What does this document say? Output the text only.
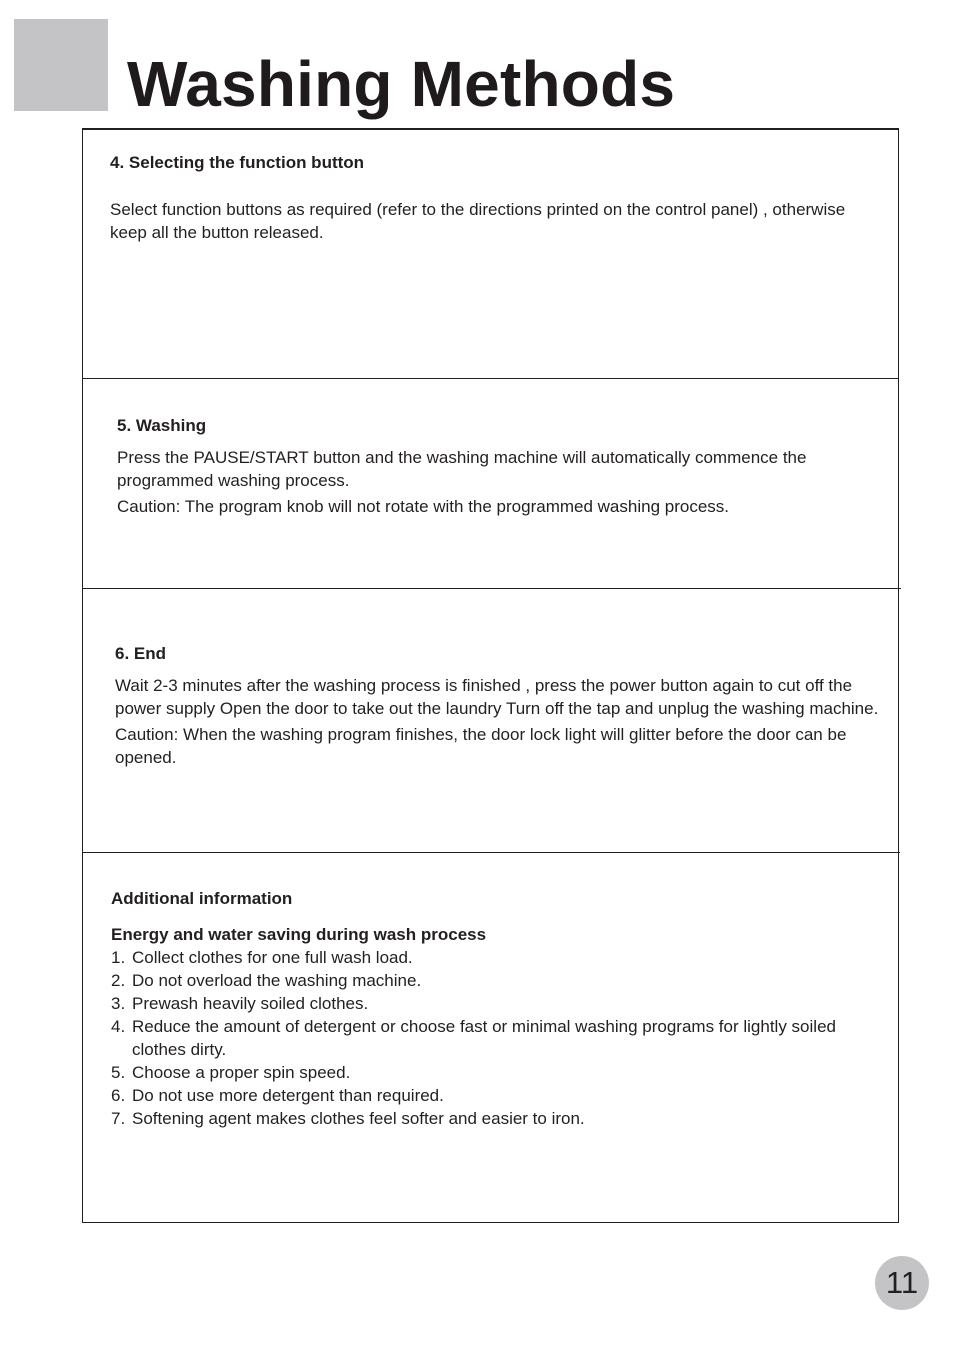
Washing Methods
4. Selecting the function button

Select function buttons as required (refer to the directions printed on the control panel) , otherwise keep all the button released.

5. Washing

Press the PAUSE/START button and the washing machine will automatically commence the programmed washing process.

Caution: The program knob will not rotate with the programmed washing process.

6. End

Wait 2-3 minutes after the washing process is finished , press the power button again to cut off the power supply Open the door to take out the laundry Turn off the tap and unplug the washing machine.

Caution: When the washing program finishes, the door lock light will glitter before the door can be opened.

Additional information
Energy and water saving during wash process
1. Collect clothes for one full wash load.
2. Do not overload the washing machine.
3. Prewash heavily soiled clothes.
4. Reduce the amount of detergent or choose fast or minimal washing programs for lightly soiled clothes dirty.
5. Choose a proper spin speed.
6. Do not use more detergent than required.
7. Softening agent makes clothes feel softer and easier to iron.
11
